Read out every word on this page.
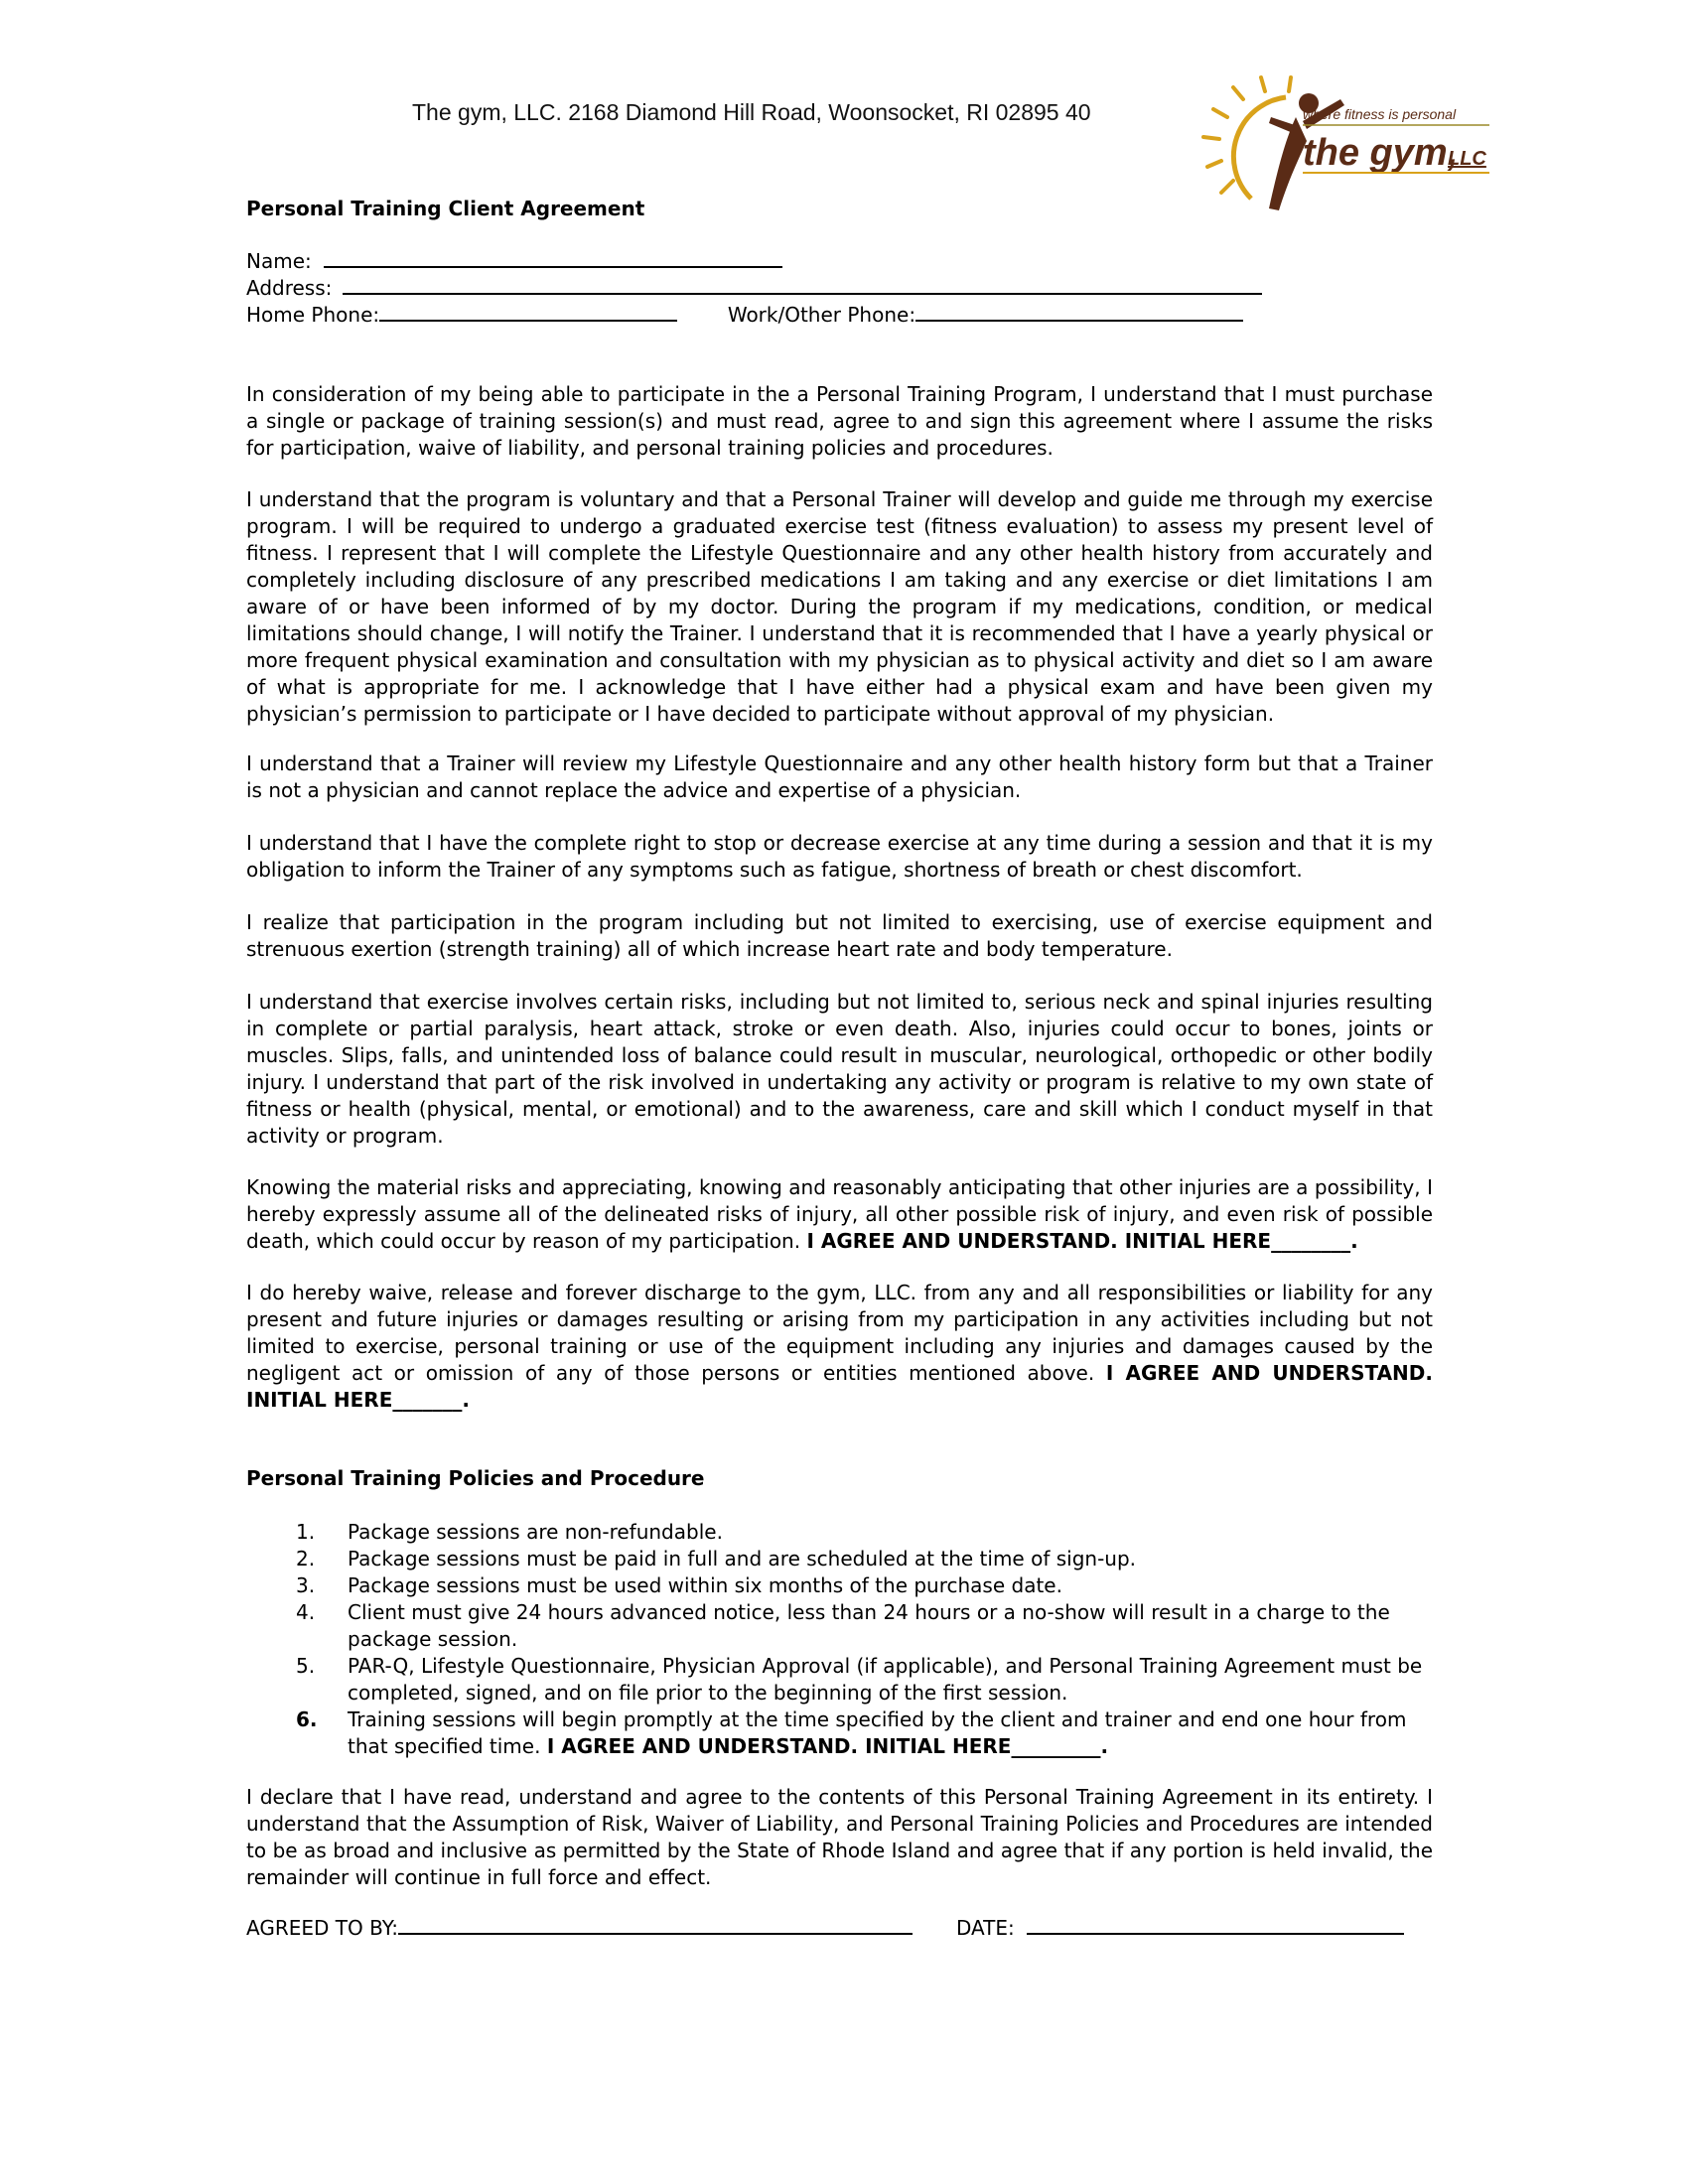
The gym, LLC. 2168 Diamond Hill Road, Woonsocket, RI 02895 40	where fitness is personal
the gym,
LLC
Personal Training Client Agreement
Name:
Address:
Home Phone:	Work/Other Phone:

In consideration of my being able to participate in the a Personal Training Program, I understand that I must purchase a single or package of training session(s) and must read, agree to and sign this agreement where I assume the risks for participation, waive of liability, and personal training policies and procedures.

I understand that the program is voluntary and that a Personal Trainer will develop and guide me through my exercise program. I will be required to undergo a graduated exercise test (fitness evaluation) to assess my present level of fitness. I represent that I will complete the Lifestyle Questionnaire and any other health history from accurately and completely including disclosure of any prescribed medications I am taking and any exercise or diet limitations I am aware of or have been informed of by my doctor. During the program if my medications, condition, or medical limitations should change, I will notify the Trainer. I understand that it is recommended that I have a yearly physical or more frequent physical examination and consultation with my physician as to physical activity and diet so I am aware of what is appropriate for me. I acknowledge that I have either had a physical exam and have been given my physician’s permission to participate or I have decided to participate without approval of my physician.

I understand that a Trainer will review my Lifestyle Questionnaire and any other health history form but that a Trainer is not a physician and cannot replace the advice and expertise of a physician.

I understand that I have the complete right to stop or decrease exercise at any time during a session and that it is my obligation to inform the Trainer of any symptoms such as fatigue, shortness of breath or chest discomfort.

I realize that participation in the program including but not limited to exercising, use of exercise equipment and strenuous exertion (strength training) all of which increase heart rate and body temperature.

I understand that exercise involves certain risks, including but not limited to, serious neck and spinal injuries resulting in complete or partial paralysis, heart attack, stroke or even death. Also, injuries could occur to bones, joints or muscles. Slips, falls, and unintended loss of balance could result in muscular, neurological, orthopedic or other bodily injury. I understand that part of the risk involved in undertaking any activity or program is relative to my own state of fitness or health (physical, mental, or emotional) and to the awareness, care and skill which I conduct myself in that activity or program.

Knowing the material risks and appreciating, knowing and reasonably anticipating that other injuries are a possibility, I hereby expressly assume all of the delineated risks of injury, all other possible risk of injury, and even risk of possible death, which could occur by reason of my participation. I AGREE AND UNDERSTAND. INITIAL HERE________.

I do hereby waive, release and forever discharge to the gym, LLC. from any and all responsibilities or liability for any present and future injuries or damages resulting or arising from my participation in any activities including but not limited to exercise, personal training or use of the equipment including any injuries and damages caused by the negligent act or omission of any of those persons or entities mentioned above. I AGREE AND UNDERSTAND. INITIAL HERE_______.

Personal Training Policies and Procedure
1. Package sessions are non-refundable.
2. Package sessions must be paid in full and are scheduled at the time of sign-up.
3. Package sessions must be used within six months of the purchase date.
4. Client must give 24 hours advanced notice, less than 24 hours or a no-show will result in a charge to the package session.
5. PAR-Q, Lifestyle Questionnaire, Physician Approval (if applicable), and Personal Training Agreement must be completed, signed, and on file prior to the beginning of the first session.
6. Training sessions will begin promptly at the time specified by the client and trainer and end one hour from that specified time. I AGREE AND UNDERSTAND. INITIAL HERE_________.

I declare that I have read, understand and agree to the contents of this Personal Training Agreement in its entirety. I understand that the Assumption of Risk, Waiver of Liability, and Personal Training Policies and Procedures are intended to be as broad and inclusive as permitted by the State of Rhode Island and agree that if any portion is held invalid, the remainder will continue in full force and effect.

AGREED TO BY:	DATE:
